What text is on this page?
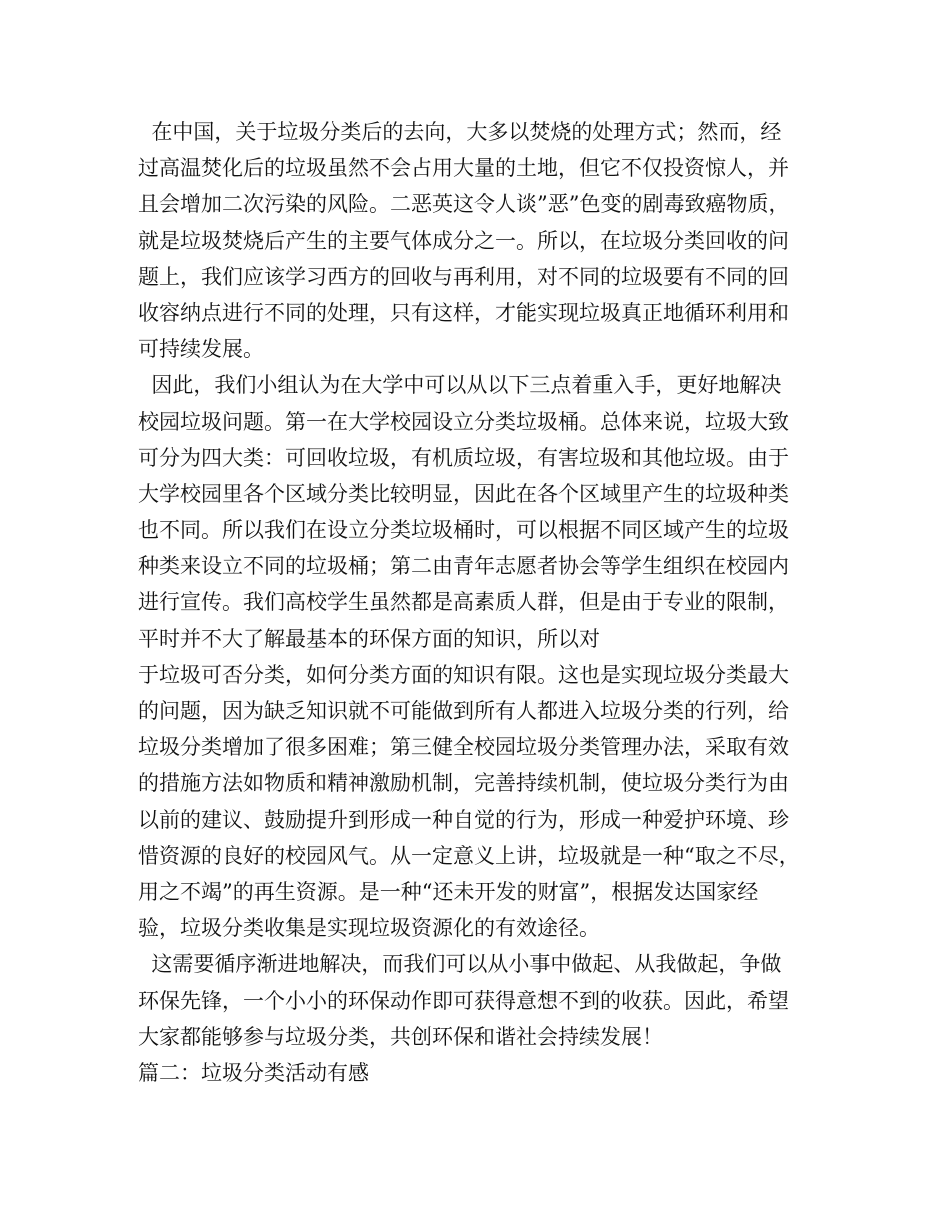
在中国，关于垃圾分类后的去向，大多以焚烧的处理方式；然而，经
过高温焚化后的垃圾虽然不会占用大量的土地，但它不仅投资惊人，并
且会增加二次污染的风险。二恶英这令人谈”恶”色变的剧毒致癌物质，
就是垃圾焚烧后产生的主要气体成分之一。所以，在垃圾分类回收的问
题上，我们应该学习西方的回收与再利用，对不同的垃圾要有不同的回
收容纳点进行不同的处理，只有这样，才能实现垃圾真正地循环利用和
可持续发展。
因此，我们小组认为在大学中可以从以下三点着重入手，更好地解决
校园垃圾问题。第一在大学校园设立分类垃圾桶。总体来说，垃圾大致
可分为四大类：可回收垃圾，有机质垃圾，有害垃圾和其他垃圾。由于
大学校园里各个区域分类比较明显，因此在各个区域里产生的垃圾种类
也不同。所以我们在设立分类垃圾桶时，可以根据不同区域产生的垃圾
种类来设立不同的垃圾桶；第二由青年志愿者协会等学生组织在校园内
进行宣传。我们高校学生虽然都是高素质人群，但是由于专业的限制，
平时并不大了解最基本的环保方面的知识，所以对
于垃圾可否分类，如何分类方面的知识有限。这也是实现垃圾分类最大
的问题，因为缺乏知识就不可能做到所有人都进入垃圾分类的行列，给
垃圾分类增加了很多困难；第三健全校园垃圾分类管理办法，采取有效
的措施方法如物质和精神激励机制，完善持续机制，使垃圾分类行为由
以前的建议、鼓励提升到形成一种自觉的行为，形成一种爱护环境、珍
惜资源的良好的校园风气。从一定意义上讲，垃圾就是一种“取之不尽，
用之不竭”的再生资源。是一种“还未开发的财富”，根据发达国家经
验，垃圾分类收集是实现垃圾资源化的有效途径。
这需要循序渐进地解决，而我们可以从小事中做起、从我做起，争做
环保先锋，一个小小的环保动作即可获得意想不到的收获。因此，希望
大家都能够参与垃圾分类，共创环保和谐社会持续发展！
篇二：垃圾分类活动有感
